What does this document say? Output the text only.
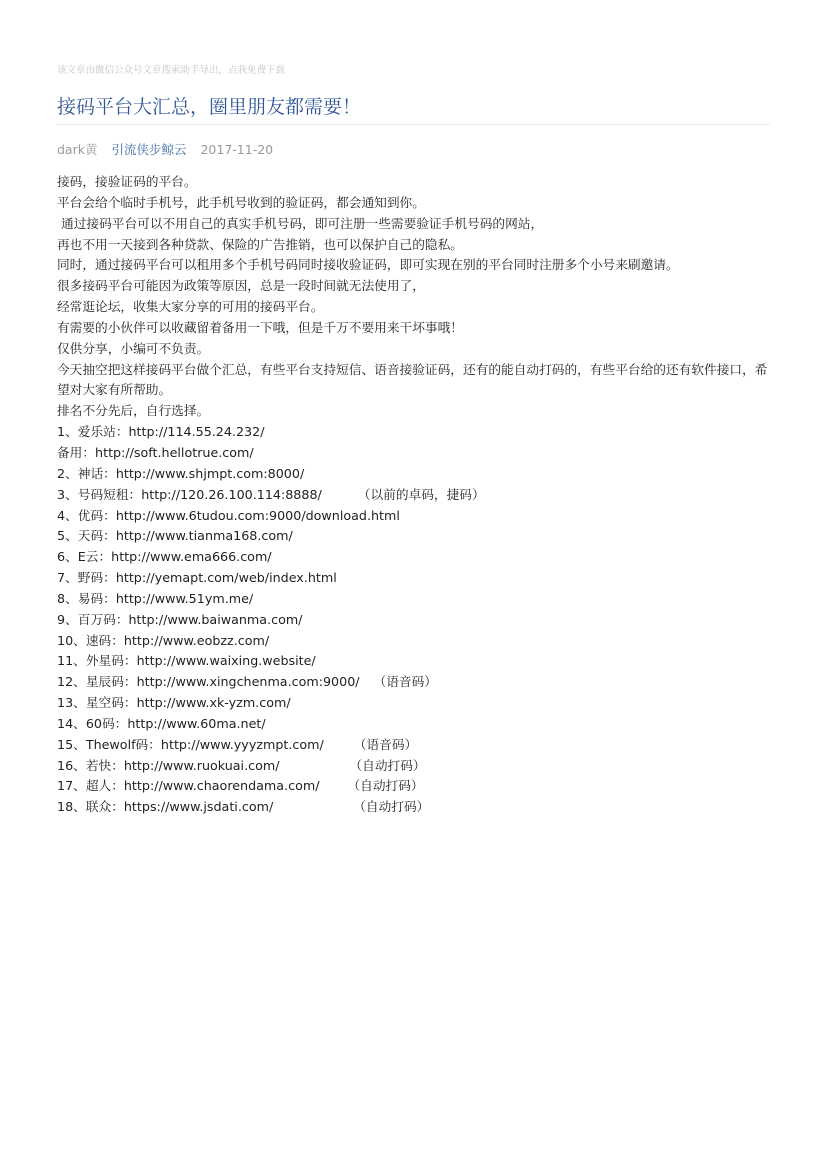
该文章由微信公众号文章搜索助手导出，点我免费下载
接码平台大汇总，圈里朋友都需要！
dark黄 引流侠步鲸云 2017-11-20
接码，接验证码的平台。
平台会给个临时手机号，此手机号收到的验证码，都会通知到你。
通过接码平台可以不用自己的真实手机号码，即可注册一些需要验证手机号码的网站，
再也不用一天接到各种贷款、保险的广告推销，也可以保护自己的隐私。
同时，通过接码平台可以租用多个手机号码同时接收验证码，即可实现在别的平台同时注册多个小号来刷邀请。
很多接码平台可能因为政策等原因，总是一段时间就无法使用了，
经常逛论坛，收集大家分享的可用的接码平台。
有需要的小伙伴可以收藏留着备用一下哦，但是千万不要用来干坏事哦！
仅供分享，小编可不负责。
今天抽空把这样接码平台做个汇总，有些平台支持短信、语音接验证码，还有的能自动打码的，有些平台给的还有软件接口，希望对大家有所帮助。
排名不分先后，自行选择。
1、爱乐站：http://114.55.24.232/
备用：http://soft.hellotrue.com/
2、神话：http://www.shjmpt.com:8000/
3、号码短租：http://120.26.100.114:8888/	（以前的卓码，捷码）
4、优码：http://www.6tudou.com:9000/download.html
5、天码：http://www.tianma168.com/
6、E云：http://www.ema666.com/
7、野码：http://yemapt.com/web/index.html
8、易码：http://www.51ym.me/
9、百万码：http://www.baiwanma.com/
10、速码：http://www.eobzz.com/
11、外星码：http://www.waixing.website/
12、星辰码：http://www.xingchenma.com:9000/ （语音码）
13、星空码：http://www.xk-yzm.com/
14、60码：http://www.60ma.net/
15、Thewolf码：http://www.yyyzmpt.com/ （语音码）
16、若快：http://www.ruokuai.com/	（自动打码）
17、超人：http://www.chaorendama.com/ （自动打码）
18、联众：https://www.jsdati.com/	（自动打码）
